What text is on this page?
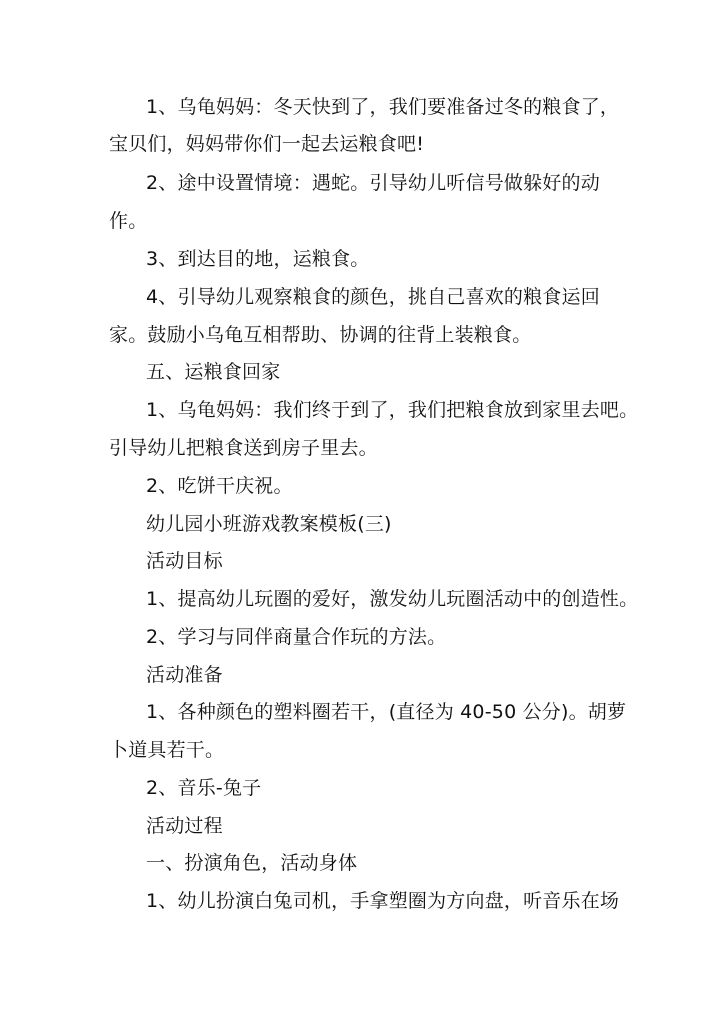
1、乌龟妈妈：冬天快到了，我们要准备过冬的粮食了，
宝贝们，妈妈带你们一起去运粮食吧!
2、途中设置情境：遇蛇。引导幼儿听信号做躲好的动
作。
3、到达目的地，运粮食。
4、引导幼儿观察粮食的颜色，挑自己喜欢的粮食运回
家。鼓励小乌龟互相帮助、协调的往背上装粮食。
五、运粮食回家
1、乌龟妈妈：我们终于到了，我们把粮食放到家里去吧。
引导幼儿把粮食送到房子里去。
2、吃饼干庆祝。
幼儿园小班游戏教案模板(三)
活动目标
1、提高幼儿玩圈的爱好，激发幼儿玩圈活动中的创造性。
2、学习与同伴商量合作玩的方法。
活动准备
1、各种颜色的塑料圈若干，(直径为 40-50 公分)。胡萝
卜道具若干。
2、音乐-兔子
活动过程
一、扮演角色，活动身体
1、幼儿扮演白兔司机，手拿塑圈为方向盘，听音乐在场
